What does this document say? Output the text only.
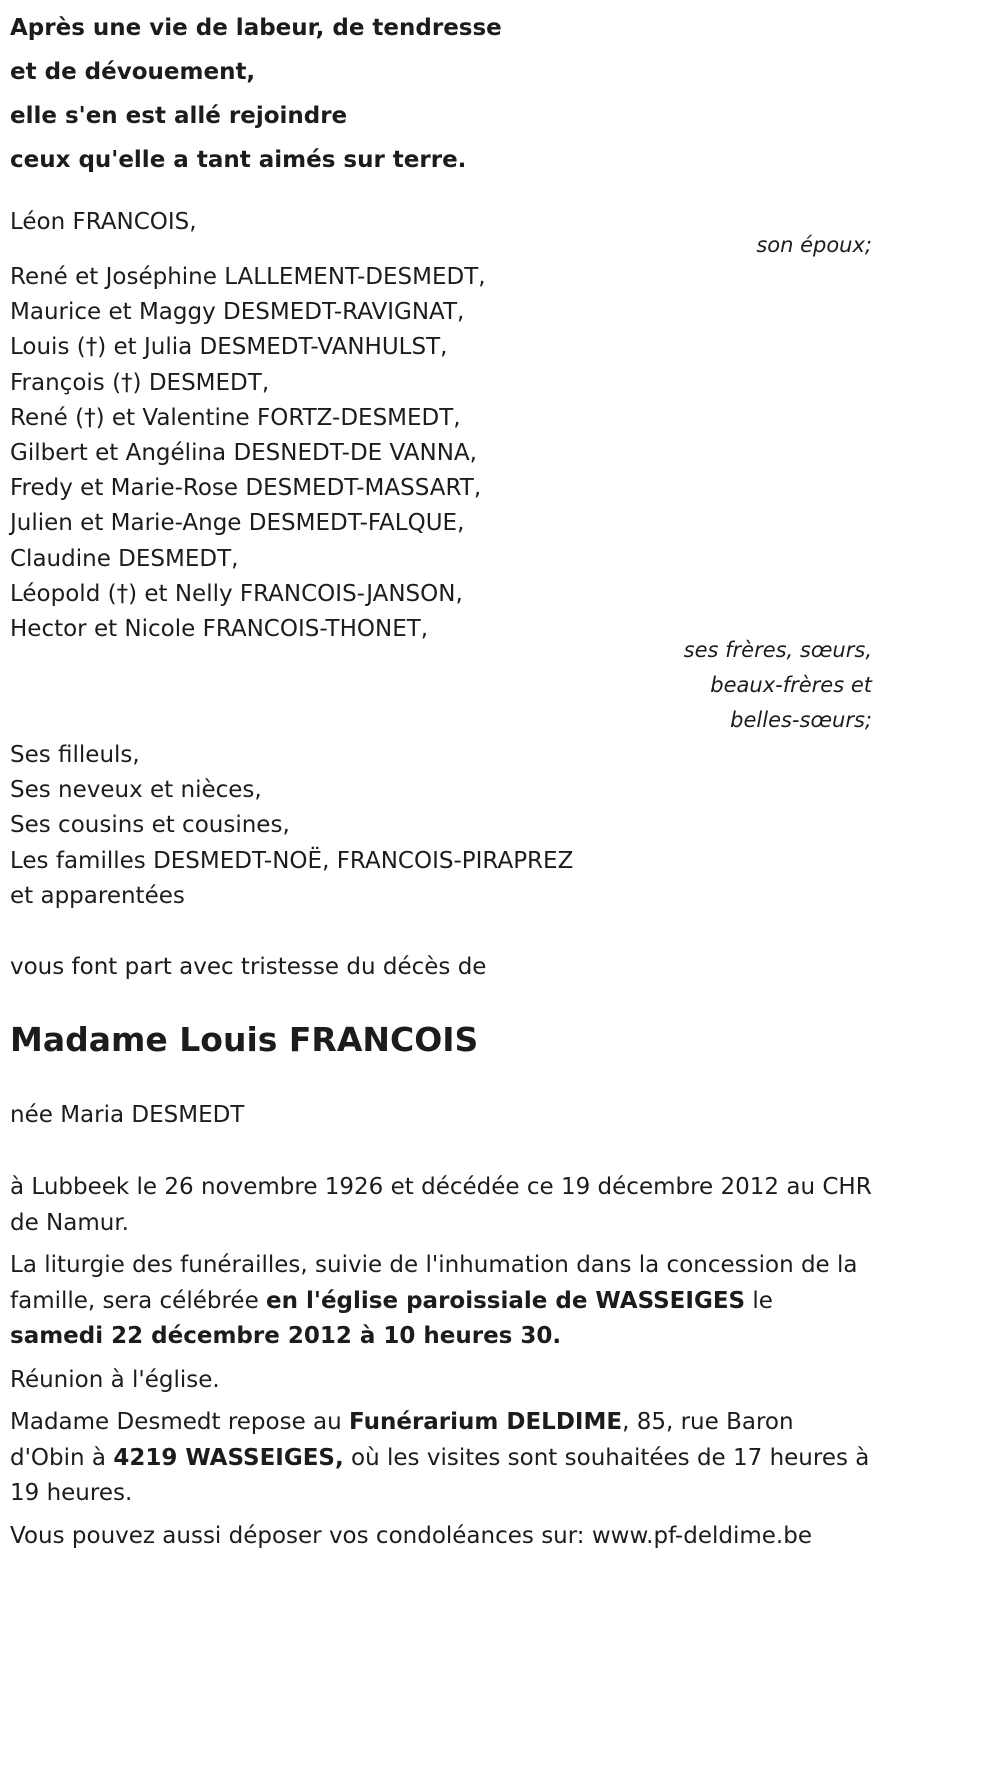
Après une vie de labeur, de tendresse
et de dévouement,
elle s'en est allé rejoindre
ceux qu'elle a tant aimés sur terre.
Léon FRANCOIS,
son époux;
René et Joséphine LALLEMENT-DESMEDT,
Maurice et Maggy DESMEDT-RAVIGNAT,
Louis (†) et Julia DESMEDT-VANHULST,
François (†) DESMEDT,
René (†) et Valentine FORTZ-DESMEDT,
Gilbert et Angélina DESNEDT-DE VANNA,
Fredy et Marie-Rose DESMEDT-MASSART,
Julien et Marie-Ange DESMEDT-FALQUE,
Claudine DESMEDT,
Léopold (†) et Nelly FRANCOIS-JANSON,
Hector et Nicole FRANCOIS-THONET,
ses frères, sœurs,
beaux-frères et
belles-sœurs;
Ses filleuls,
Ses neveux et nièces,
Ses cousins et cousines,
Les familles DESMEDT-NOË, FRANCOIS-PIRAPREZ
et apparentées
vous font part avec tristesse du décès de
Madame Louis FRANCOIS
née Maria DESMEDT

à Lubbeek le 26 novembre 1926 et décédée ce 19 décembre 2012 au CHR de Namur.

La liturgie des funérailles, suivie de l'inhumation dans la concession de la famille, sera célébrée en l'église paroissiale de WASSEIGES le samedi 22 décembre 2012 à 10 heures 30.

Réunion à l'église.

Madame Desmedt repose au Funérarium DELDIME, 85, rue Baron d'Obin à 4219 WASSEIGES, où les visites sont souhaitées de 17 heures à 19 heures.

Vous pouvez aussi déposer vos condoléances sur: www.pf-deldime.be
